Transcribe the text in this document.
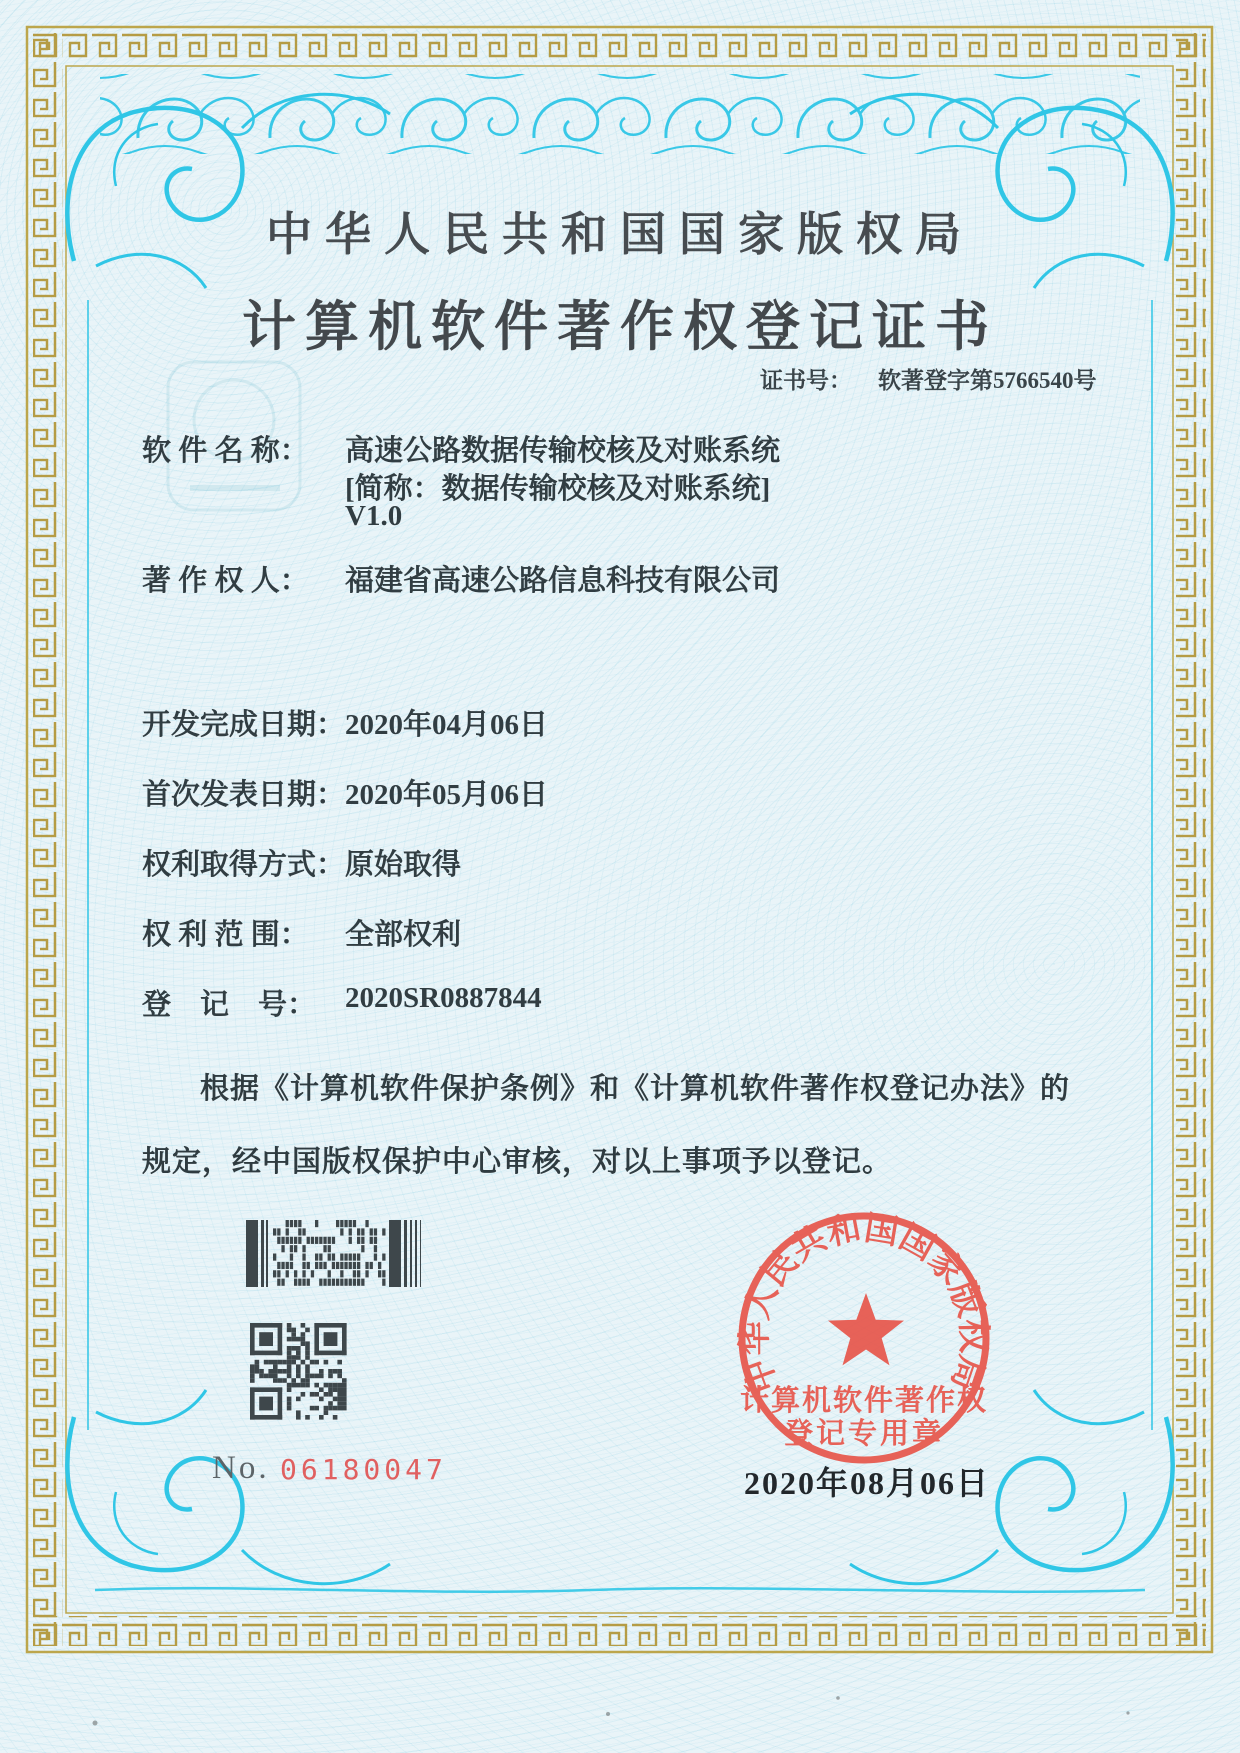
中华人民共和国国家版权局
计算机软件著作权
登记专用章
中华人民共和国国家版权局
计算机软件著作权登记证书
证书号： 软著登字第5766540号
软 件 名 称： 高速公路数据传输校核及对账系统
[简称：数据传输校核及对账系统]
V1.0
著 作 权 人： 福建省高速公路信息科技有限公司
开发完成日期： 2020年04月06日
首次发表日期： 2020年05月06日
权利取得方式： 原始取得
权 利 范 围： 全部权利
登　记　号： 2020SR0887844
根据《计算机软件保护条例》和《计算机软件著作权登记办法》的
规定，经中国版权保护中心审核，对以上事项予以登记。
No. 06180047	2020年08月06日
